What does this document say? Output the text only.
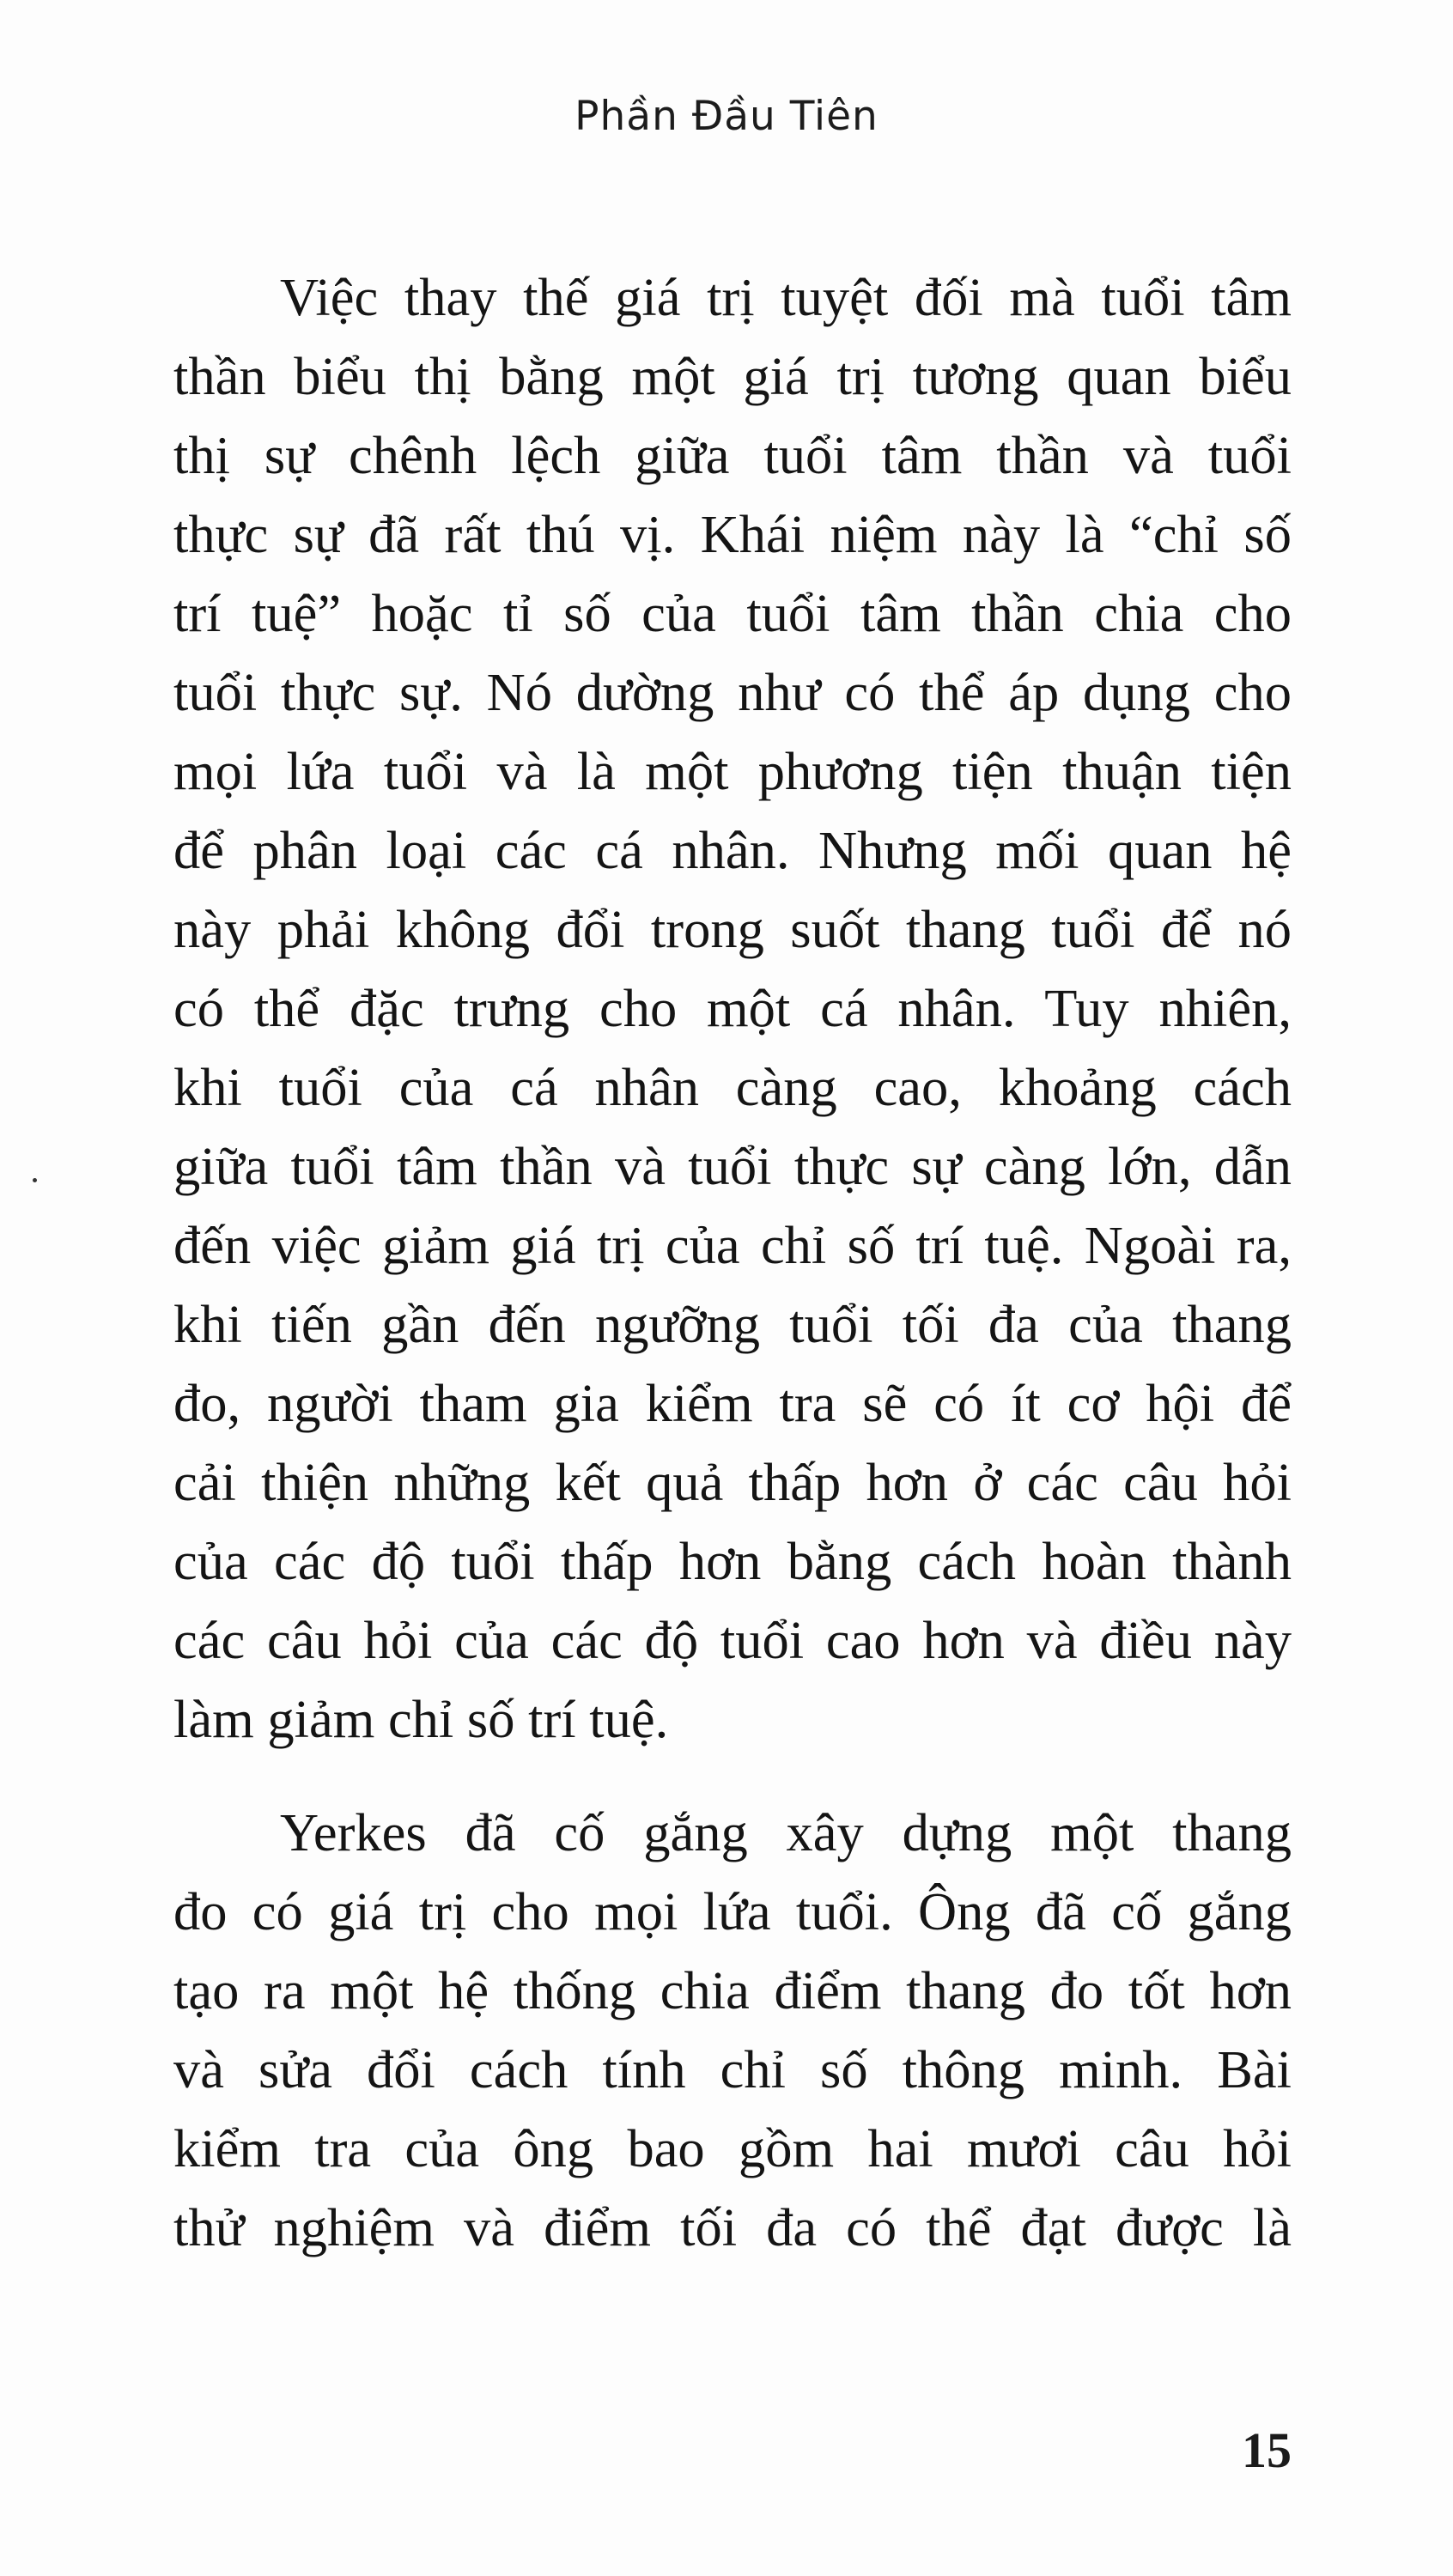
Phần Đầu Tiên
Việc thay thế giá trị tuyệt đối mà tuổi tâm
thần biểu thị bằng một giá trị tương quan biểu
thị sự chênh lệch giữa tuổi tâm thần và tuổi
thực sự đã rất thú vị. Khái niệm này là “chỉ số
trí tuệ” hoặc tỉ số của tuổi tâm thần chia cho
tuổi thực sự. Nó dường như có thể áp dụng cho
mọi lứa tuổi và là một phương tiện thuận tiện
để phân loại các cá nhân. Nhưng mối quan hệ
này phải không đổi trong suốt thang tuổi để nó
có thể đặc trưng cho một cá nhân. Tuy nhiên,
khi tuổi của cá nhân càng cao, khoảng cách
giữa tuổi tâm thần và tuổi thực sự càng lớn, dẫn
đến việc giảm giá trị của chỉ số trí tuệ. Ngoài ra,
khi tiến gần đến ngưỡng tuổi tối đa của thang
đo, người tham gia kiểm tra sẽ có ít cơ hội để
cải thiện những kết quả thấp hơn ở các câu hỏi
của các độ tuổi thấp hơn bằng cách hoàn thành
các câu hỏi của các độ tuổi cao hơn và điều này
làm giảm chỉ số trí tuệ.
Yerkes đã cố gắng xây dựng một thang
đo có giá trị cho mọi lứa tuổi. Ông đã cố gắng
tạo ra một hệ thống chia điểm thang đo tốt hơn
và sửa đổi cách tính chỉ số thông minh. Bài
kiểm tra của ông bao gồm hai mươi câu hỏi
thử nghiệm và điểm tối đa có thể đạt được là
15
